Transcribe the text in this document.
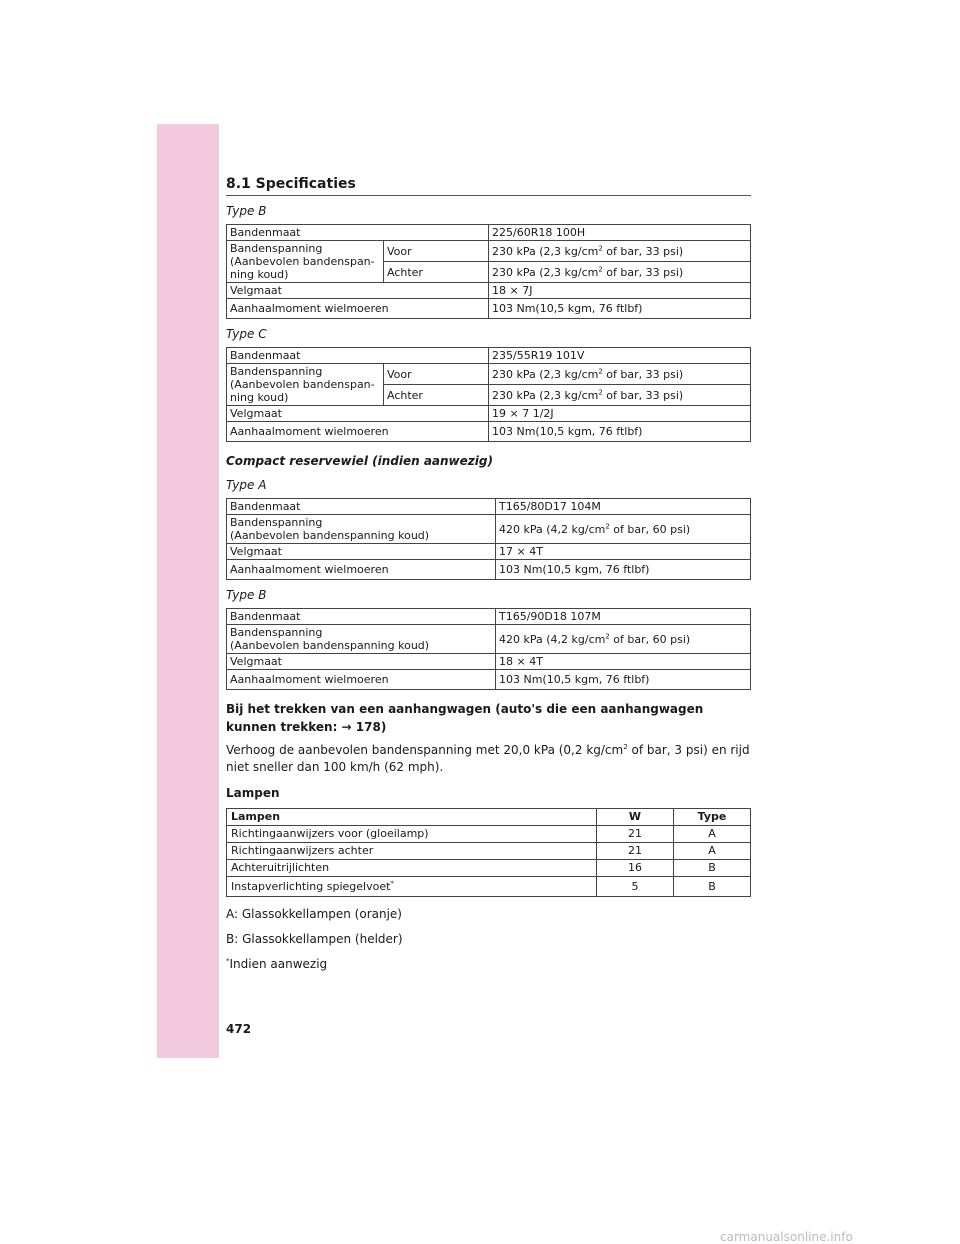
8.1 Specificaties
Type B
Bandenmaat		225/60R18 100H
Bandenspanning (Aanbevolen bandenspan-ning koud)	Voor	230 kPa (2,3 $kg/cm^2$ of bar, 33 psi)
	Achter	230 kPa (2,3 $kg/cm^2$ of bar, 33 psi)
Velgmaat		18 × 7J
Aanhaalmoment wielmoeren		103 Nm(10,5 kgm, 76 ftlbf)
Type C
Bandenmaat		235/55R19 101V
Bandenspanning (Aanbevolen bandenspan-ning koud)	Voor	230 kPa (2,3 $kg/cm^2$ of bar, 33 psi)
	Achter	230 kPa (2,3 $kg/cm^2$ of bar, 33 psi)
Velgmaat		19 × 7 1/2J
Aanhaalmoment wielmoeren		103 Nm(10,5 kgm, 76 ftlbf)
Compact reservewiel (indien aanwezig)
Type A
Bandenmaat	T165/80D17 104M

Bandenspanning
(Aanbevolen bandenspanning koud)	420 kPa (4,2 $kg/cm^2$ of bar, 60 psi)
Velgmaat	17 × 4T
Aanhaalmoment wielmoeren	103 Nm(10,5 kgm, 76 ftlbf)
Type B
Bandenmaat	T165/90D18 107M

Bandenspanning
(Aanbevolen bandenspanning koud)	420 kPa (4,2 $kg/cm^2$ of bar, 60 psi)
Velgmaat	18 × 4T
Aanhaalmoment wielmoeren	103 Nm(10,5 kgm, 76 ftlbf)
Bij het trekken van een aanhangwagen (auto's die een aanhangwagen kunnen trekken: → 178)
Verhoog de aanbevolen bandenspanning met 20,0 kPa (0,2 $kg/cm^2$ of bar, 3 psi) en rijd niet sneller dan 100 km/h (62 mph).
Lampen
Lampen	W	Type
Richtingaanwijzers voor (gloeilamp)	21	A
Richtingaanwijzers achter	21	A
Achteruitrijlichten	16	B
Instapverlichting spiegelvoet*	5	B
A: Glassokkellampen (oranje)
B: Glassokkellampen (helder)
*Indien aanwezig
472
carmanualsonline.info
